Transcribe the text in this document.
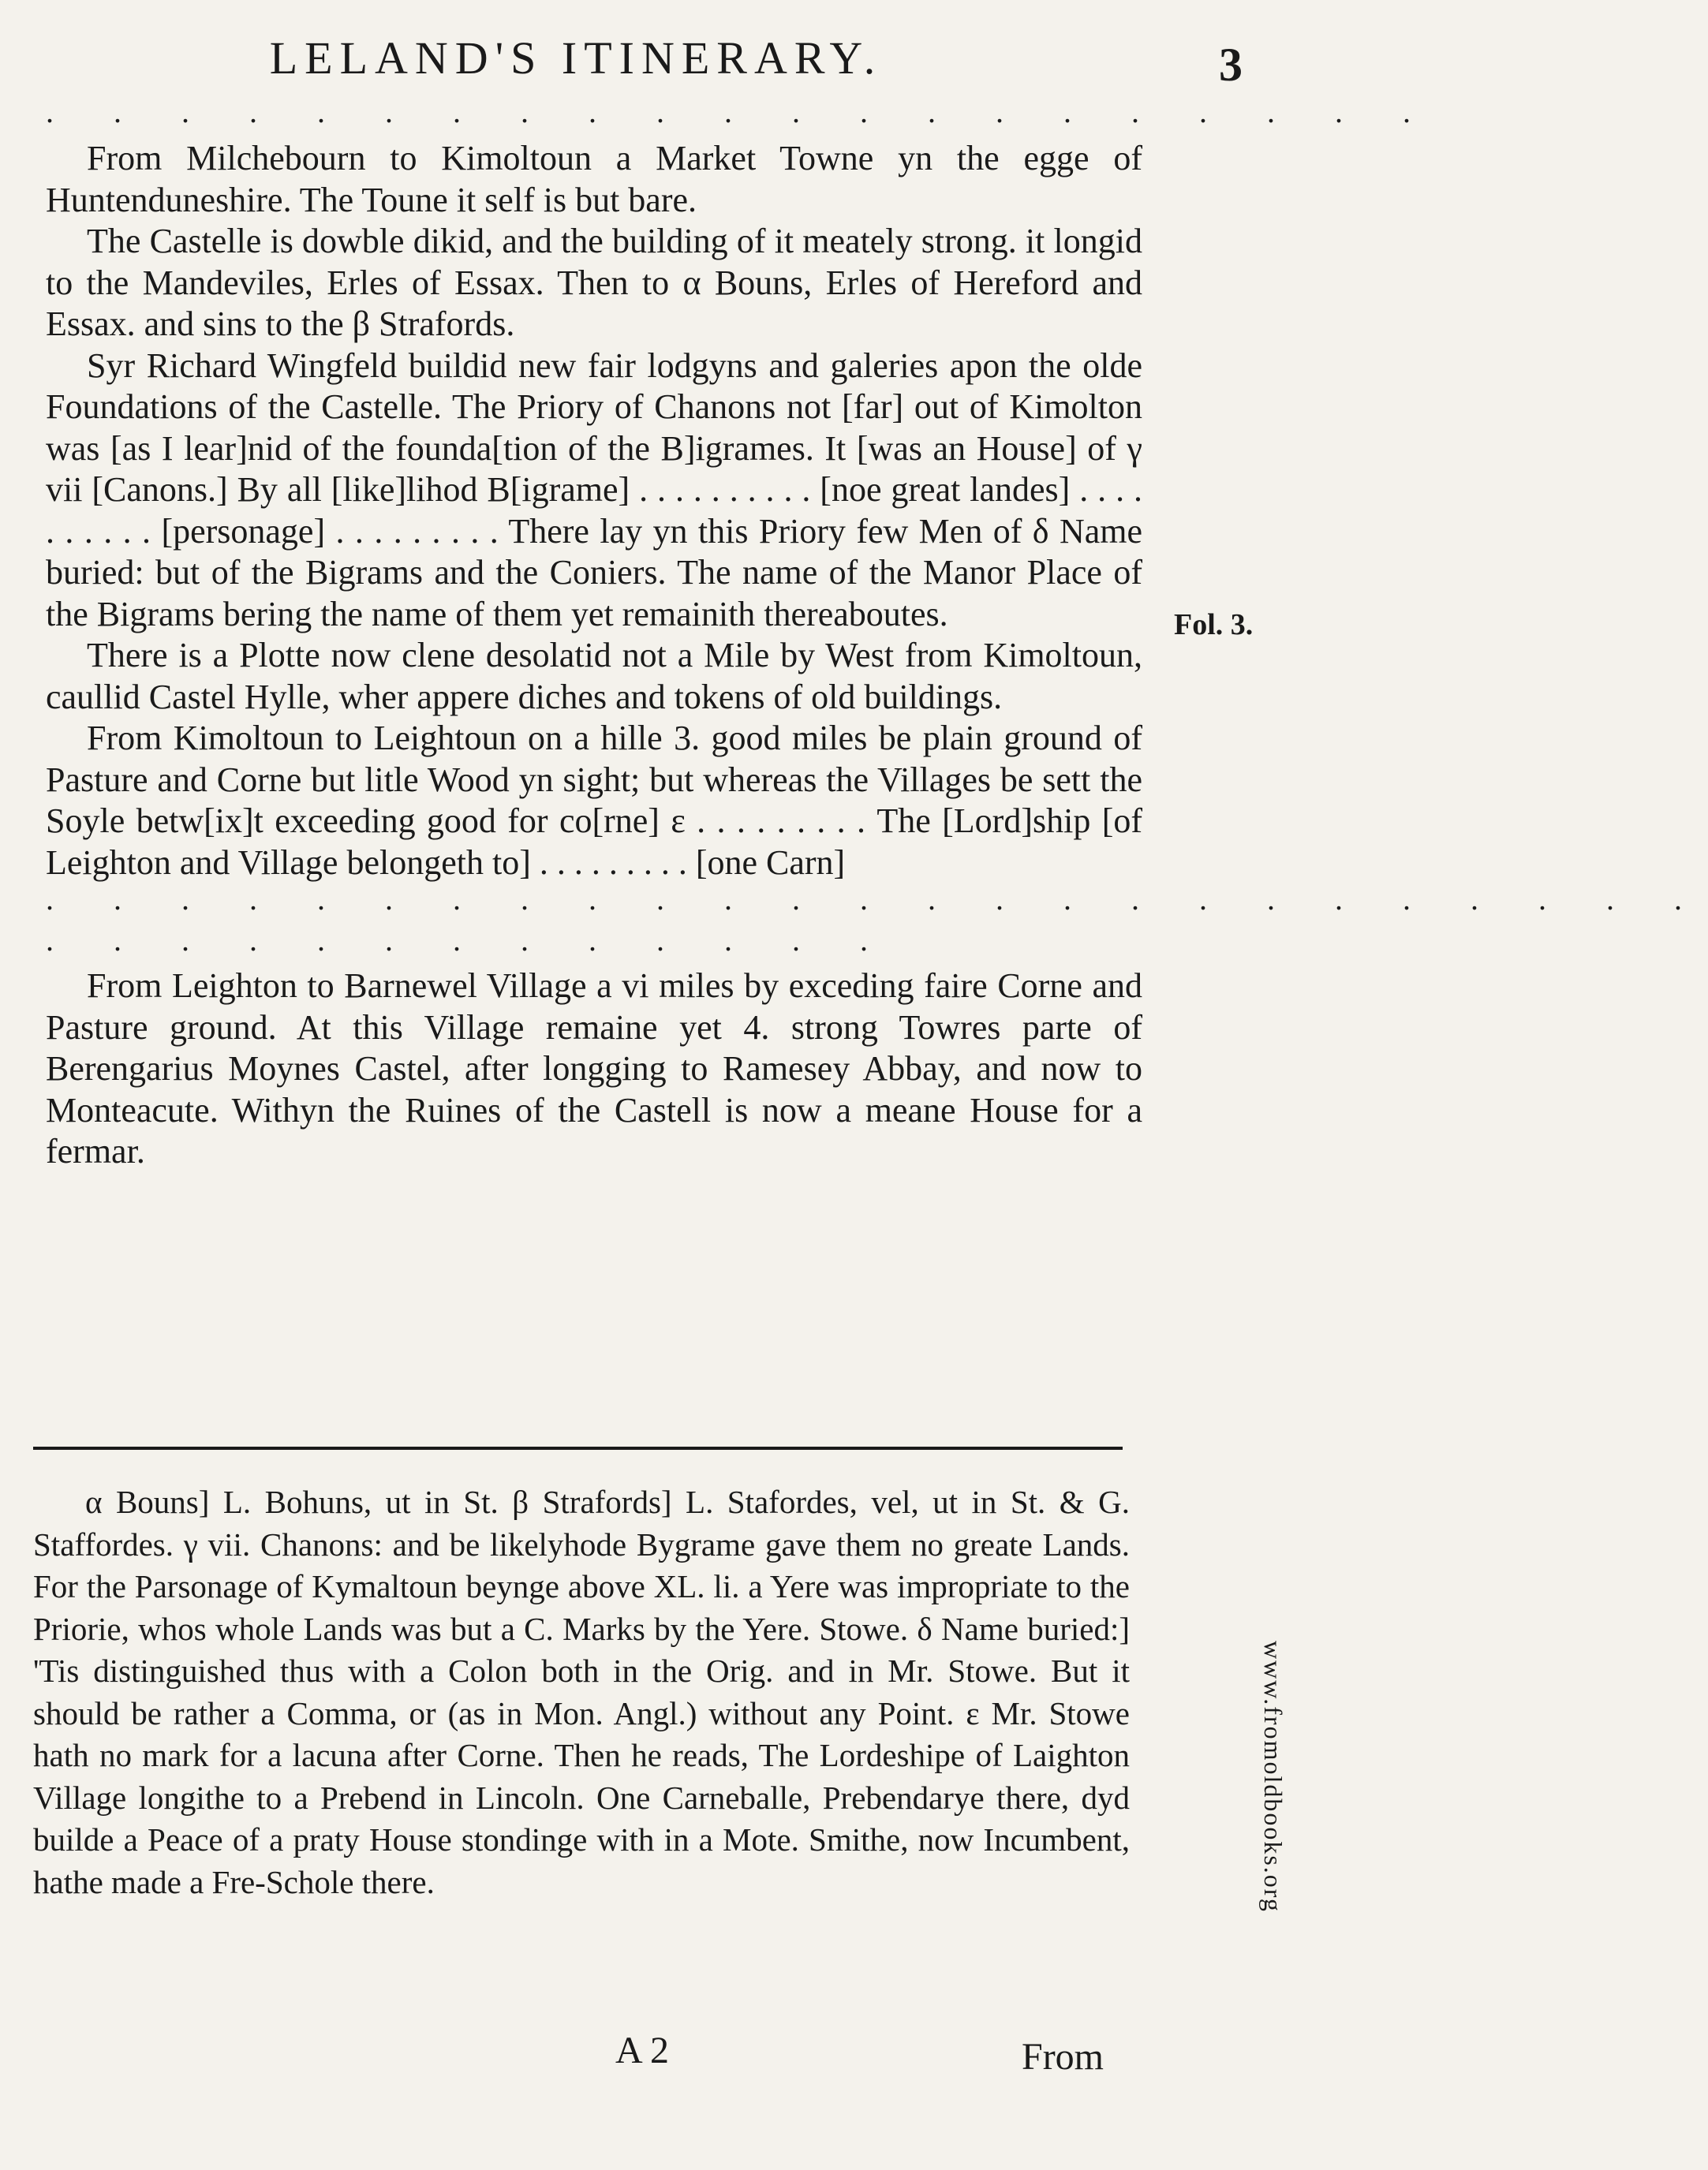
LELAND'S ITINERARY.	3
. . . . . . . . . . . . . . . . . . . . .
Fol. 3.

From Milchebourn to Kimoltoun a Market Towne yn the egge of Huntenduneshire. The Toune it self is but bare.

The Castelle is dowble dikid, and the building of it meately strong. it longid to the Mandeviles, Erles of Essax. Then to α Bouns, Erles of Hereford and Essax. and sins to the β Strafords.

Syr Richard Wingfeld buildid new fair lodgyns and galeries apon the olde Foundations of the Castelle. The Priory of Chanons not [far] out of Kimolton was [as I lear]nid of the founda[tion of the B]igrames. It [was an House] of γ vii [Canons.] By all [like]lihod B[igrame] . . . . . . . . . . [noe great landes] . . . . . . . . . . [personage] . . . . . . . . . There lay yn this Priory few Men of δ Name buried: but of the Bigrams and the Coniers. The name of the Manor Place of the Bigrams bering the name of them yet remainith thereaboutes.

There is a Plotte now clene desolatid not a Mile by West from Kimoltoun, caullid Castel Hylle, wher appere diches and tokens of old buildings.

From Kimoltoun to Leightoun on a hille 3. good miles be plain ground of Pasture and Corne but litle Wood yn sight; but whereas the Villages be sett the Soyle betw[ix]t exceeding good for co[rne] ε . . . . . . . . . The [Lord]ship [of Leighton and Village belongeth to] . . . . . . . . . [one Carn]

. . . . . . . . . . . . . . . . . . . . . . . . .
. . . . . . . . . . . . .

From Leighton to Barnewel Village a vi miles by exceding faire Corne and Pasture ground. At this Village remaine yet 4. strong Towres parte of Berengarius Moynes Castel, after longging to Ramesey Abbay, and now to Monteacute. Withyn the Ruines of the Castell is now a meane House for a fermar.

α Bouns] L. Bohuns, ut in St. β Strafords] L. Stafordes, vel, ut in St. & G. Staffordes. γ vii. Chanons: and be likelyhode Bygrame gave them no greate Lands. For the Parsonage of Kymaltoun beynge above XL. li. a Yere was impropriate to the Priorie, whos whole Lands was but a C. Marks by the Yere. Stowe. δ Name buried:] 'Tis distinguished thus with a Colon both in the Orig. and in Mr. Stowe. But it should be rather a Comma, or (as in Mon. Angl.) without any Point. ε Mr. Stowe hath no mark for a lacuna after Corne. Then he reads, The Lordeshipe of Laighton Village longithe to a Prebend in Lincoln. One Carneballe, Prebendarye there, dyd builde a Peace of a praty House stondinge with in a Mote. Smithe, now Incumbent, hathe made a Fre-Schole there.

A 2	From
www.fromoldbooks.org
